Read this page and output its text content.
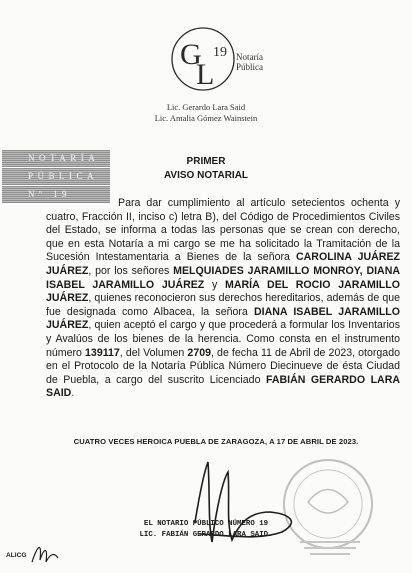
G
L
19 Notaría
Pública
Lic. Gerardo Lara Said
Lic. Amalia Gómez Wainstein
NOTARÍA
PÚBLICA
Nº 19
PRIMER
AVISO NOTARIAL

Para dar cumplimiento al artículo setecientos ochenta y cuatro, Fracción II, inciso c) letra B), del Código de Procedimientos Civiles del Estado, se informa a todas las personas que se crean con derecho, que en esta Notaría a mi cargo se me ha solicitado la Tramitación de la Sucesión Intestamentaria a Bienes de la señora CAROLINA JUÁREZ JUÁREZ, por los señores MELQUIADES JARAMILLO MONROY, DIANA ISABEL JARAMILLO JUÁREZ y MARÍA DEL ROCIO JARAMILLO JUÁREZ, quienes reconocieron sus derechos hereditarios, además de que fue designada como Albacea, la señora DIANA ISABEL JARAMILLO JUÁREZ, quien aceptó el cargo y que procederá a formular los Inventarios y Avalúos de los bienes de la herencia. Como consta en el instrumento número 139117, del Volumen 2709, de fecha 11 de Abril de 2023, otorgado en el Protocolo de la Notaría Pública Número Diecinueve de ésta Ciudad de Puebla, a cargo del suscrito Licenciado FABIÁN GERARDO LARA SAID.

CUATRO VECES HEROICA PUEBLA DE ZARAGOZA, A 17 DE ABRIL DE 2023.
EL NOTARIO PÚBLICO NÚMERO 19
LIC. FABIÁN GERARDO LARA SAID.
ALICG
